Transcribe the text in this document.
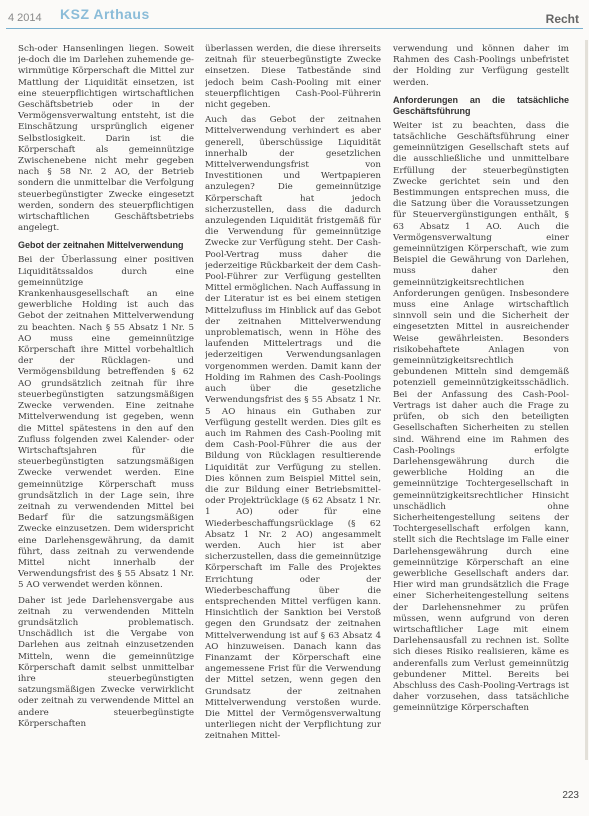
4 2014 KSZ Arthaus	Recht

Sch-oder Hansenlingen liegen. Soweit je-doch die im Darlehen zuhemende ge-wirnmütige Körperschaft die Mittel zur Mattlung der Liquidität einsetzen, ist eine steuerpflichtigen wirtschaftlichen Geschäftsbetrieb oder in der Vermögensverwaltung entsteht, ist die Einschätzung ursprünglich eigener Selbstlosigkeit. Darin ist die Körperschaft als gemeinnützige Zwischenebene nicht mehr gegeben nach § 58 Nr. 2 AO, der Betrieb sondern die unmittelbar die Verfolgung steuerbegünstigter Zwecke eingesetzt werden, sondern des steuerpflichtigen wirtschaftlichen Geschäftsbetriebs angelegt.

Gebot der zeitnahen Mittelverwendung

Bei der Überlassung einer positiven Liquiditätssaldos durch eine gemeinnützige Krankenhausgesellschaft an eine gewerbliche Holding ist auch das Gebot der zeitnahen Mittelverwendung zu beachten. Nach § 55 Absatz 1 Nr. 5 AO muss eine gemeinnützige Körperschaft ihre Mittel vorbehaltlich der der Rücklagen- und Vermögensbildung betreffenden § 62 AO grundsätzlich zeitnah für ihre steuerbegünstigten satzungsmäßigen Zwecke verwenden. Eine zeitnahe Mittelverwendung ist gegeben, wenn die Mittel spätestens in den auf den Zufluss folgenden zwei Kalender- oder Wirtschaftsjahren für die steuerbegünstigten satzungsmäßigen Zwecke verwendet werden. Eine gemeinnützige Körperschaft muss grundsätzlich in der Lage sein, ihre zeitnah zu verwendenden Mittel bei Bedarf für die satzungsmäßigen Zwecke einzusetzen. Dem widerspricht eine Darlehensgewährung, da damit führt, dass zeitnah zu verwendende Mittel nicht innerhalb der Verwendungsfrist des § 55 Absatz 1 Nr. 5 AO verwendet werden können.

Daher ist jede Darlehensvergabe aus zeitnah zu verwendenden Mitteln grundsätzlich problematisch. Unschädlich ist die Vergabe von Darlehen aus zeitnah einzusetzenden Mitteln, wenn die gemeinnützige Körperschaft damit selbst unmittelbar ihre steuerbegünstigten satzungsmäßigen Zwecke verwirklicht oder zeitnah zu verwendende Mittel an andere steuerbegünstigte Körperschaften

überlassen werden, die diese ihrerseits zeitnah für steuerbegünstigte Zwecke einsetzen. Diese Tatbestände sind jedoch beim Cash-Pooling mit einer steuerpflichtigen Cash-Pool-Führerin nicht gegeben.

Auch das Gebot der zeitnahen Mittelverwendung verhindert es aber generell, überschüssige Liquidität innerhalb der gesetzlichen Mittelverwendungsfrist von Investitionen und Wertpapieren anzulegen? Die gemeinnützige Körperschaft hat jedoch sicherzustellen, dass die dadurch anzulegenden Liquidität fristgemäß für die Verwendung für gemeinnützige Zwecke zur Verfügung steht. Der Cash-Pool-Vertrag muss daher die jederzeitige Rückbarkeit der dem Cash-Pool-Führer zur Verfügung gestellten Mittel ermöglichen. Nach Auffassung in der Literatur ist es bei einem stetigen Mittelzufluss im Hinblick auf das Gebot der zeitnahen Mittelverwendung unproblematisch, wenn in Höhe des laufenden Mittelertrags und die jederzeitigen Verwendungsanlagen vorgenommen werden. Damit kann der Holding im Rahmen des Cash-Poolings auch über die gesetzliche Verwendungsfrist des § 55 Absatz 1 Nr. 5 AO hinaus ein Guthaben zur Verfügung gestellt werden. Dies gilt es auch im Rahmen des Cash-Pooling mit dem Cash-Pool-Führer die aus der Bildung von Rücklagen resultierende Liquidität zur Verfügung zu stellen. Dies können zum Beispiel Mittel sein, die zur Bildung einer Betriebsmittel- oder Projektrücklage (§ 62 Absatz 1 Nr. 1 AO) oder für eine Wiederbeschaffungsrücklage (§ 62 Absatz 1 Nr. 2 AO) angesammelt werden. Auch hier ist aber sicherzustellen, dass die gemeinnützige Körperschaft im Falle des Projektes Errichtung oder der Wiederbeschaffung über die entsprechenden Mittel verfügen kann. Hinsichtlich der Sanktion bei Verstoß gegen den Grundsatz der zeitnahen Mittelverwendung ist auf § 63 Absatz 4 AO hinzuweisen. Danach kann das Finanzamt der Körperschaft eine angemessene Frist für die Verwendung der Mittel setzen, wenn gegen den Grundsatz der zeitnahen Mittelverwendung verstoßen wurde. Die Mittel der Vermögensverwaltung unterliegen nicht der Verpflichtung zur zeitnahen Mittel-

verwendung und können daher im Rahmen des Cash-Poolings unbefristet der Holding zur Verfügung gestellt werden.

Anforderungen an die tatsächliche Geschäftsführung

Weiter ist zu beachten, dass die tatsächliche Geschäftsführung einer gemeinnützigen Gesellschaft stets auf die ausschließliche und unmittelbare Erfüllung der steuerbegünstigten Zwecke gerichtet sein und den Bestimmungen entsprechen muss, die die Satzung über die Voraussetzungen für Steuervergünstigungen enthält, § 63 Absatz 1 AO. Auch die Vermögensverwaltung einer gemeinnützigen Körperschaft, wie zum Beispiel die Gewährung von Darlehen, muss daher den gemeinnützigkeitsrechtlichen Anforderungen genügen. Insbesondere muss eine Anlage wirtschaftlich sinnvoll sein und die Sicherheit der eingesetzten Mittel in ausreichender Weise gewährleisten. Besonders risikobehaftete Anlagen von gemeinnützigkeitsrechtlich gebundenen Mitteln sind demgemäß potenziell gemeinnützigkeitsschädlich. Bei der Anfassung des Cash-Pool-Vertrags ist daher auch die Frage zu prüfen, ob sich den beteiligten Gesellschaften Sicherheiten zu stellen sind. Während eine im Rahmen des Cash-Poolings erfolgte Darlehensgewährung durch die gewerbliche Holding an die gemeinnützige Tochtergesellschaft in gemeinnützigkeitsrechtlicher Hinsicht unschädlich ohne Sicherheitengestellung seitens der Tochtergesellschaft erfolgen kann, stellt sich die Rechtslage im Falle einer Darlehensgewährung durch eine gemeinnützige Körperschaft an eine gewerbliche Gesellschaft anders dar. Hier wird man grundsätzlich die Frage einer Sicherheitengestellung seitens der Darlehensnehmer zu prüfen müssen, wenn aufgrund von deren wirtschaftlicher Lage mit einem Darlehensausfall zu rechnen ist. Sollte sich dieses Risiko realisieren, käme es anderenfalls zum Verlust gemeinnützig gebundener Mittel. Bereits bei Abschluss des Cash-Pooling-Vertrags ist daher vorzusehen, dass tatsächliche gemeinnützige Körperschaften

223
